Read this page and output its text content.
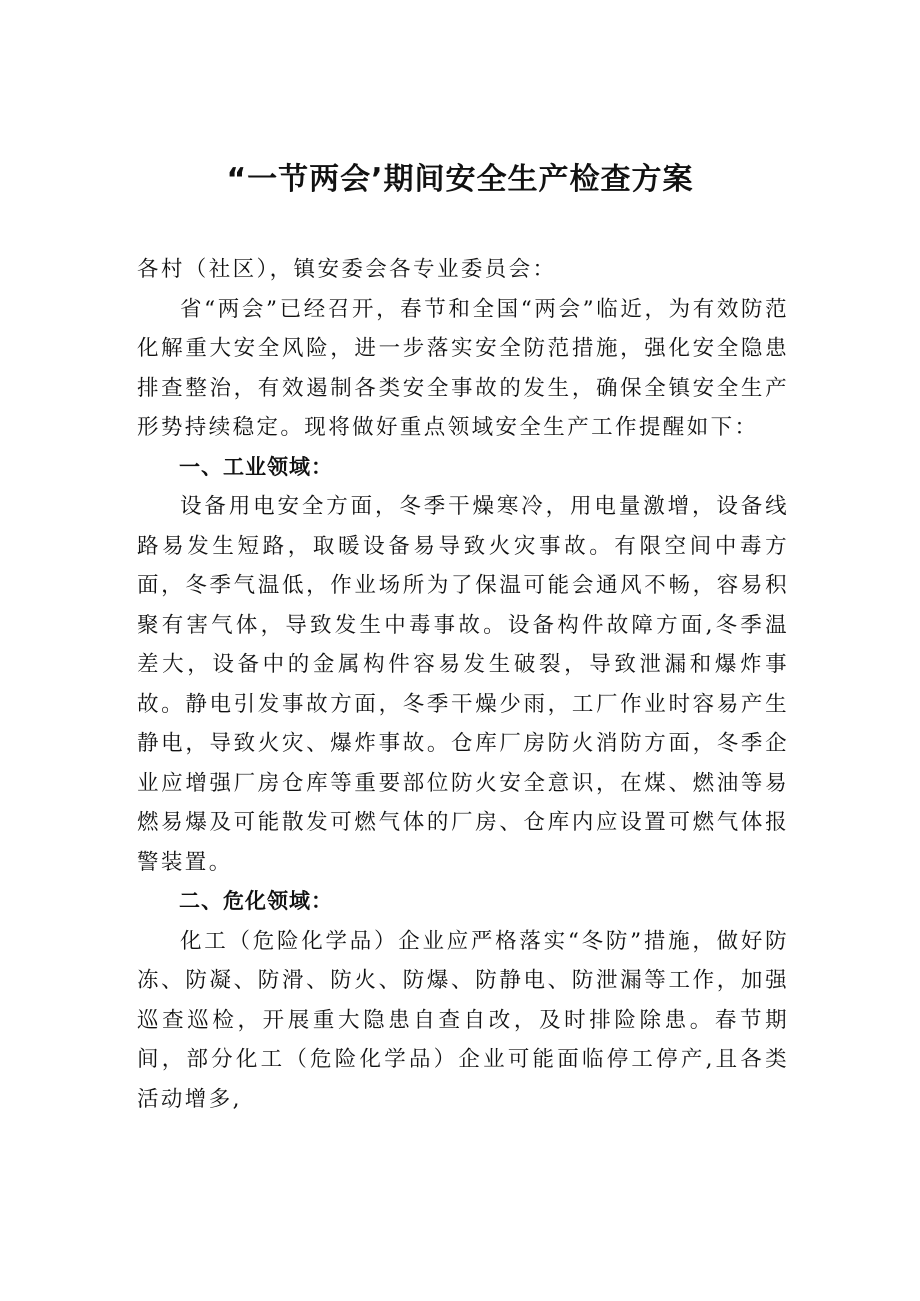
“一节两会’期间安全生产检查方案

各村（社区），镇安委会各专业委员会：

省“两会”已经召开，春节和全国“两会”临近，为有效防范化解重大安全风险，进一步落实安全防范措施，强化安全隐患排查整治，有效遏制各类安全事故的发生，确保全镇安全生产形势持续稳定。现将做好重点领域安全生产工作提醒如下：

一、工业领域：

设备用电安全方面，冬季干燥寒冷，用电量激增，设备线路易发生短路，取暖设备易导致火灾事故。有限空间中毒方面，冬季气温低，作业场所为了保温可能会通风不畅，容易积聚有害气体，导致发生中毒事故。设备构件故障方面,冬季温差大，设备中的金属构件容易发生破裂，导致泄漏和爆炸事故。静电引发事故方面，冬季干燥少雨，工厂作业时容易产生静电，导致火灾、爆炸事故。仓库厂房防火消防方面，冬季企业应增强厂房仓库等重要部位防火安全意识，在煤、燃油等易燃易爆及可能散发可燃气体的厂房、仓库内应设置可燃气体报警装置。

二、危化领域：

化工（危险化学品）企业应严格落实“冬防”措施，做好防冻、防凝、防滑、防火、防爆、防静电、防泄漏等工作，加强巡查巡检，开展重大隐患自查自改，及时排险除患。春节期间，部分化工（危险化学品）企业可能面临停工停产,且各类活动增多,
